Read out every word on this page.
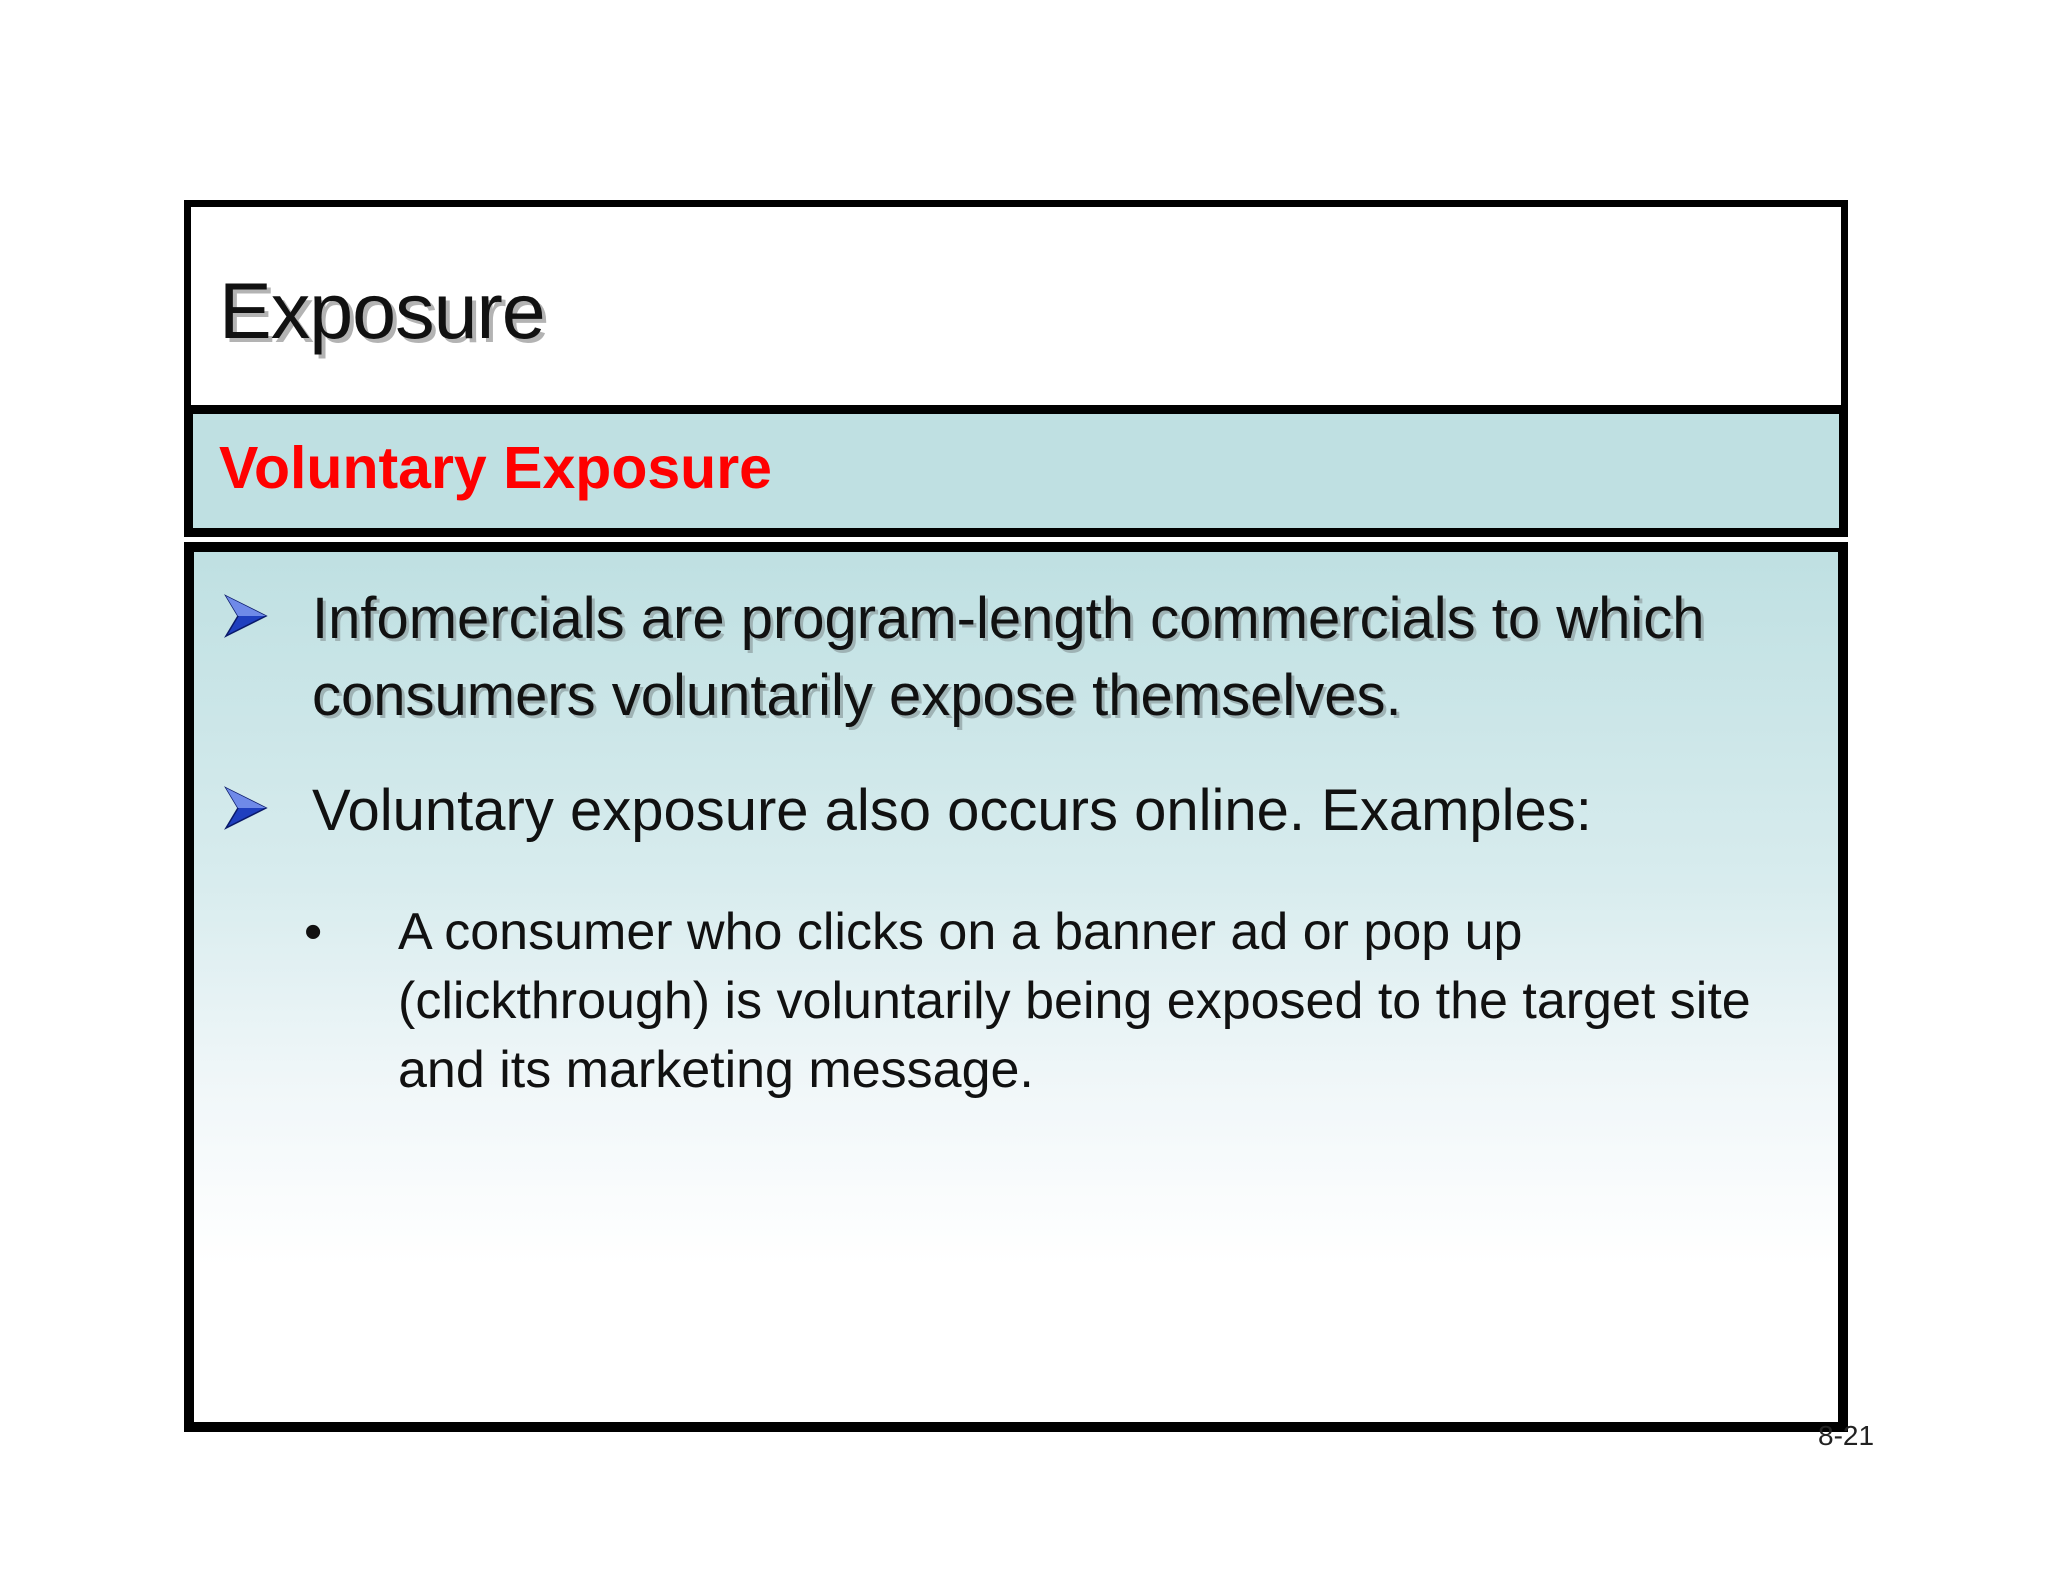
Exposure
Voluntary Exposure
Infomercials are program-length commercials to which consumers voluntarily expose themselves.
Voluntary exposure also occurs online. Examples:
• A consumer who clicks on a banner ad or pop up (clickthrough) is voluntarily being exposed to the target site and its marketing message.
8-21
